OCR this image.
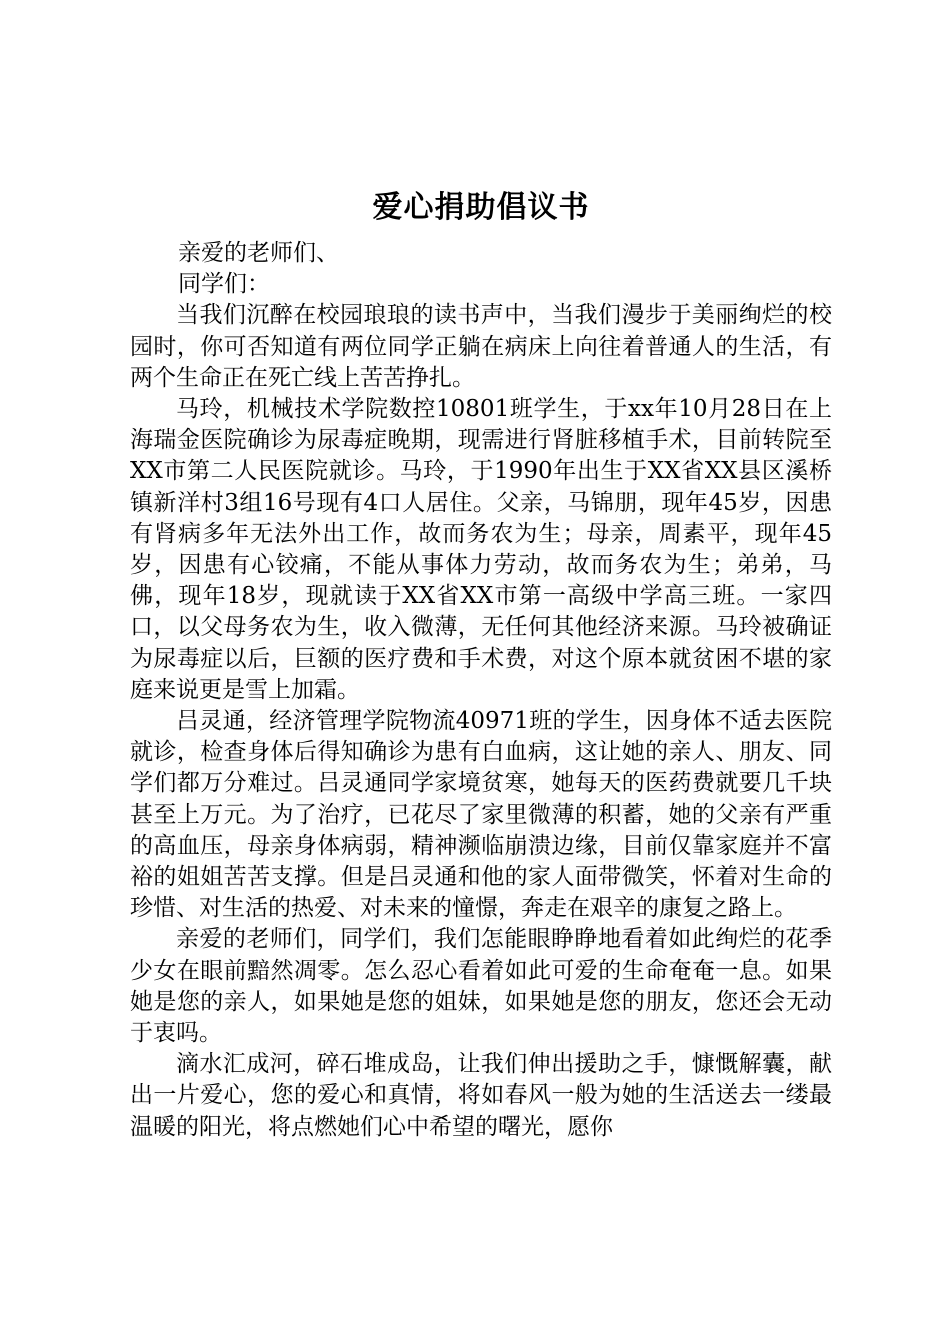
爱心捐助倡议书
亲爱的老师们、
同学们：

当我们沉醉在校园琅琅的读书声中，当我们漫步于美丽绚烂的校园时，你可否知道有两位同学正躺在病床上向往着普通人的生活，有两个生命正在死亡线上苦苦挣扎。

马玲，机械技术学院数控10801班学生，于xx年10月28日在上海瑞金医院确诊为尿毒症晚期，现需进行肾脏移植手术，目前转院至XX市第二人民医院就诊。马玲，于1990年出生于XX省XX县区溪桥镇新洋村3组16号现有4口人居住。父亲，马锦朋，现年45岁，因患有肾病多年无法外出工作，故而务农为生；母亲，周素平，现年45岁，因患有心铰痛，不能从事体力劳动，故而务农为生；弟弟，马佛，现年18岁，现就读于XX省XX市第一高级中学高三班。一家四口，以父母务农为生，收入微薄，无任何其他经济来源。马玲被确证为尿毒症以后，巨额的医疗费和手术费，对这个原本就贫困不堪的家庭来说更是雪上加霜。

吕灵通，经济管理学院物流40971班的学生，因身体不适去医院就诊，检查身体后得知确诊为患有白血病，这让她的亲人、朋友、同学们都万分难过。吕灵通同学家境贫寒，她每天的医药费就要几千块甚至上万元。为了治疗，已花尽了家里微薄的积蓄，她的父亲有严重的高血压，母亲身体病弱，精神濒临崩溃边缘，目前仅靠家庭并不富裕的姐姐苦苦支撑。但是吕灵通和他的家人面带微笑，怀着对生命的珍惜、对生活的热爱、对未来的憧憬，奔走在艰辛的康复之路上。

亲爱的老师们，同学们，我们怎能眼睁睁地看着如此绚烂的花季少女在眼前黯然凋零。怎么忍心看着如此可爱的生命奄奄一息。如果她是您的亲人，如果她是您的姐妹，如果她是您的朋友，您还会无动于衷吗。

滴水汇成河，碎石堆成岛，让我们伸出援助之手，慷慨解囊，献出一片爱心，您的爱心和真情，将如春风一般为她的生活送去一缕最温暖的阳光，将点燃她们心中希望的曙光，愿你
